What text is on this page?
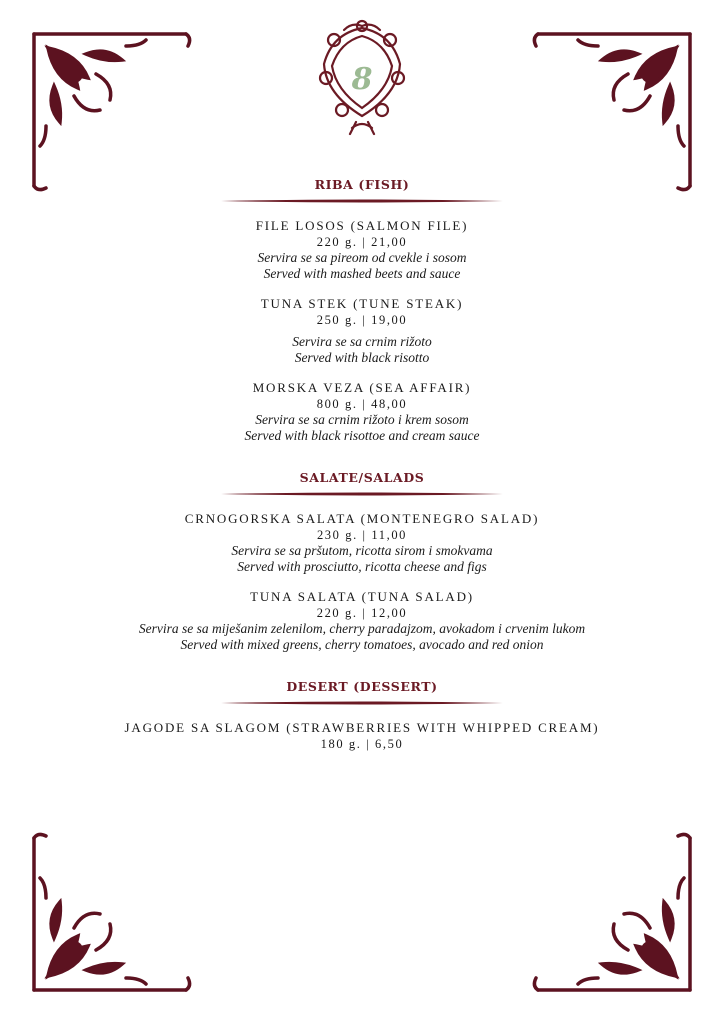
8
RIBA (FISH)
FILE LOSOS (SALMON FILE)
220 g. | 21,00
Servira se sa pireom od cvekle i sosom
Served with mashed beets and sauce
TUNA STEK (TUNE STEAK)
250 g. | 19,00
Servira se sa crnim rižoto
Served with black risotto
MORSKA VEZA (SEA AFFAIR)
800 g. | 48,00
Servira se sa crnim rižoto i krem sosom
Served with black risottoe and cream sauce
SALATE/SALADS
CRNOGORSKA SALATA (MONTENEGRO SALAD)
230 g. | 11,00
Servira se sa pršutom, ricotta sirom i smokvama
Served with prosciutto, ricotta cheese and figs
TUNA SALATA (TUNA SALAD)
220 g. | 12,00
Servira se sa miješanim zelenilom, cherry paradajzom, avokadom i crvenim lukom
Served with mixed greens, cherry tomatoes, avocado and red onion
DESERT (DESSERT)
JAGODE SA SLAGOM (STRAWBERRIES WITH WHIPPED CREAM)
180 g. | 6,50
